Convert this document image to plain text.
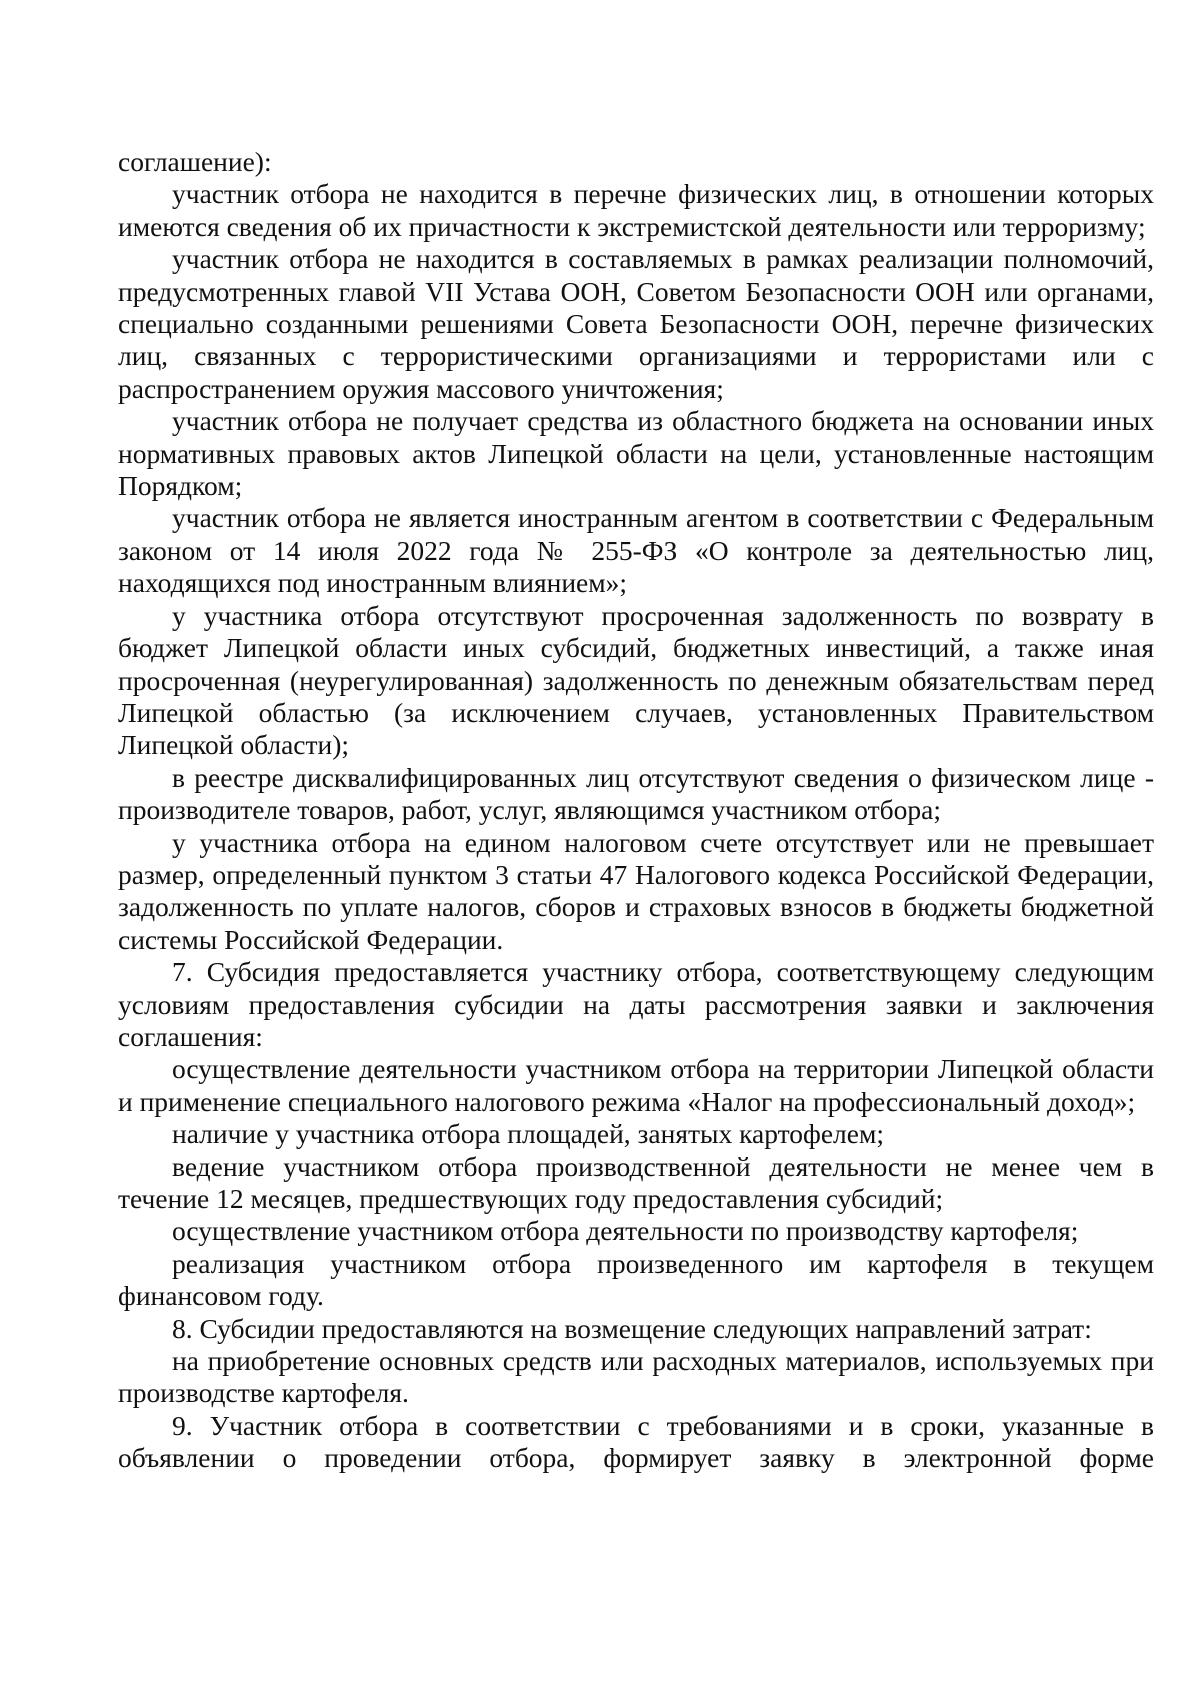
соглашение):

участник отбора не находится в перечне физических лиц, в отношении которых имеются сведения об их причастности к экстремистской деятельности или терроризму;

участник отбора не находится в составляемых в рамках реализации полномочий, предусмотренных главой VII Устава ООН, Советом Безопасности ООН или органами, специально созданными решениями Совета Безопасности ООН, перечне физических лиц, связанных с террористическими организациями и террористами или с распространением оружия массового уничтожения;

участник отбора не получает средства из областного бюджета на основании иных нормативных правовых актов Липецкой области на цели, установленные настоящим Порядком;

участник отбора не является иностранным агентом в соответствии с Федеральным законом от 14 июля 2022 года № 255-ФЗ «О контроле за деятельностью лиц, находящихся под иностранным влиянием»;

у участника отбора отсутствуют просроченная задолженность по возврату в бюджет Липецкой области иных субсидий, бюджетных инвестиций, а также иная просроченная (неурегулированная) задолженность по денежным обязательствам перед Липецкой областью (за исключением случаев, установленных Правительством Липецкой области);

в реестре дисквалифицированных лиц отсутствуют сведения о физическом лице - производителе товаров, работ, услуг, являющимся участником отбора;

у участника отбора на едином налоговом счете отсутствует или не превышает размер, определенный пунктом 3 статьи 47 Налогового кодекса Российской Федерации, задолженность по уплате налогов, сборов и страховых взносов в бюджеты бюджетной системы Российской Федерации.

7. Субсидия предоставляется участнику отбора, соответствующему следующим условиям предоставления субсидии на даты рассмотрения заявки и заключения соглашения:

осуществление деятельности участником отбора на территории Липецкой области и применение специального налогового режима «Налог на профессиональный доход»;

наличие у участника отбора площадей, занятых картофелем;

ведение участником отбора производственной деятельности не менее чем в течение 12 месяцев, предшествующих году предоставления субсидий;

осуществление участником отбора деятельности по производству картофеля;

реализация участником отбора произведенного им картофеля в текущем финансовом году.

8. Субсидии предоставляются на возмещение следующих направлений затрат:

на приобретение основных средств или расходных материалов, используемых при производстве картофеля.

9. Участник отбора в соответствии с требованиями и в сроки, указанные в объявлении о проведении отбора, формирует заявку в электронной форме
